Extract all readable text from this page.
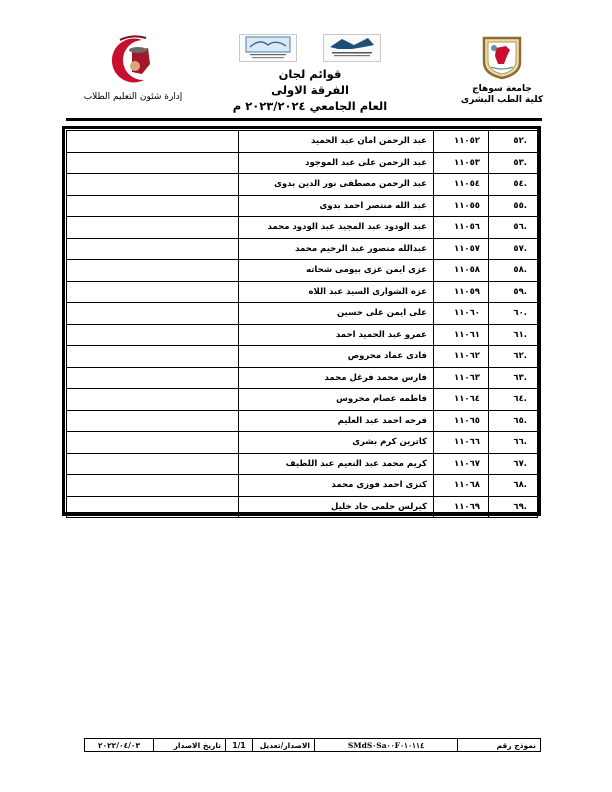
جامعة سوهاج
كلية الطب البشرى
قوائم لجان
الفرقة الاولى
العام الجامعي ٢٠٢٣/٢٠٢٤ م
إدارة شئون التعليم الطلاب
.٥٢	١١٠٥٢	عبد الرحمن امان عبد الحميد	
.٥٣	١١٠٥٣	عبد الرحمن على عبد الموجود	
.٥٤	١١٠٥٤	عبد الرحمن مصطفى نور الدين بدوى	
.٥٥	١١٠٥٥	عبد الله منتصر احمد بدوى	
.٥٦	١١٠٥٦	عبد الودود عبد المجيد عبد الودود محمد	
.٥٧	١١٠٥٧	عبدالله منصور عبد الرحيم محمد	
.٥٨	١١٠٥٨	عزى ايمن عزى بيومى شحاته	
.٥٩	١١٠٥٩	عزه الشوارى السيد عبد اللاه	
.٦٠	١١٠٦٠	على ايمن على حسين	
.٦١	١١٠٦١	عمرو عبد الحميد احمد	
.٦٢	١١٠٦٢	فادى عماد محروص	
.٦٣	١١٠٦٣	فارس محمد فرغل محمد	
.٦٤	١١٠٦٤	فاطمه عصام محروس	
.٦٥	١١٠٦٥	فرحه احمد عبد العليم	
.٦٦	١١٠٦٦	كاترين كرم بشرى	
.٦٧	١١٠٦٧	كريم محمد عبد النعيم عبد اللطيف	
.٦٨	١١٠٦٨	كنزى احمد فوزى محمد	
.٦٩	١١٠٦٩	كيرلس حلمى جاد خليل	
نموذج رقم	SMdS٠Sa٠٠F٠١٠١١٤	الاصدار/تعديل	1/1	تاريخ الاصدار	٢٠٢٢/٠٤/٠٣
